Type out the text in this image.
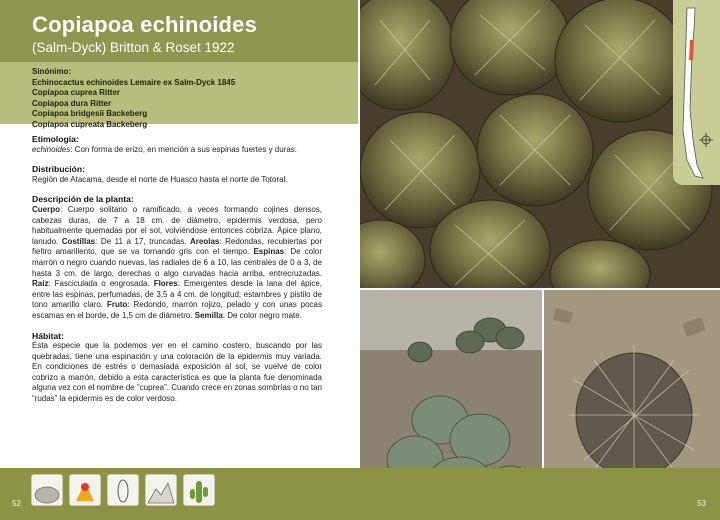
Copiapoa echinoides
(Salm-Dyck) Britton & Roset 1922
Sinónimo:
Echinocactus echinoides Lemaire ex Salm-Dyck 1845
Copiapoa cuprea Ritter
Copiapoa dura Ritter
Copiapoa bridgesii Backeberg
Copiapoa cupreata Backeberg
Etimología:
echinoides: Con forma de erizo, en mención a sus espinas fuertes y duras.
Distribución:
Región de Atacama, desde el norte de Huasco hasta el norte de Totoral.
Descripción de la planta:
Cuerpo: Cuerpo solitario o ramificado, a veces formando cojines densos, cabezas duras, de 7 a 18 cm. de diámetro, epidermis verdosa, pero habitualmente quemadas por el sol, volviéndose entonces cobriza. Ápice plano, lanudo. Costillas: De 11 a 17, truncadas. Areolas: Redondas, recubiertas por fieltro amarillento, que se va tornando gris con el tiempo. Espinas: De color marrón o negro cuando nuevas, las radiales de 6 a 10, las centrales de 0 a 3, de hasta 3 cm. de largo, derechas o algo curvadas hacia arriba, entrecruzadas. Raíz: Fasciculada o engrosada. Flores: Emergentes desde la lana del ápice, entre las espinas, perfumadas, de 3,5 a 4 cm. de longitud; estambres y pistilo de tono amarillo claro. Fruto: Redondo, marrón rojizo, pelado y con unas pocas escamas en el borde, de 1,5 cm de diámetro. Semilla: De color negro mate.
Hábitat:
Esta especie que la podemos ver en el camino costero, buscando por las quebradas, tiene una espinación y una coloración de la epidermis muy variada. En condiciones de estrés o demasiada exposición al sol, se vuelve de color cobrizo a marrón, debido a esta característica es que la planta fue denominada alguna vez con el nombre de “cuprea”. Cuando crece en zonas sombrías o no tan “rudas” la epidermis es de color verdoso.
52	53
